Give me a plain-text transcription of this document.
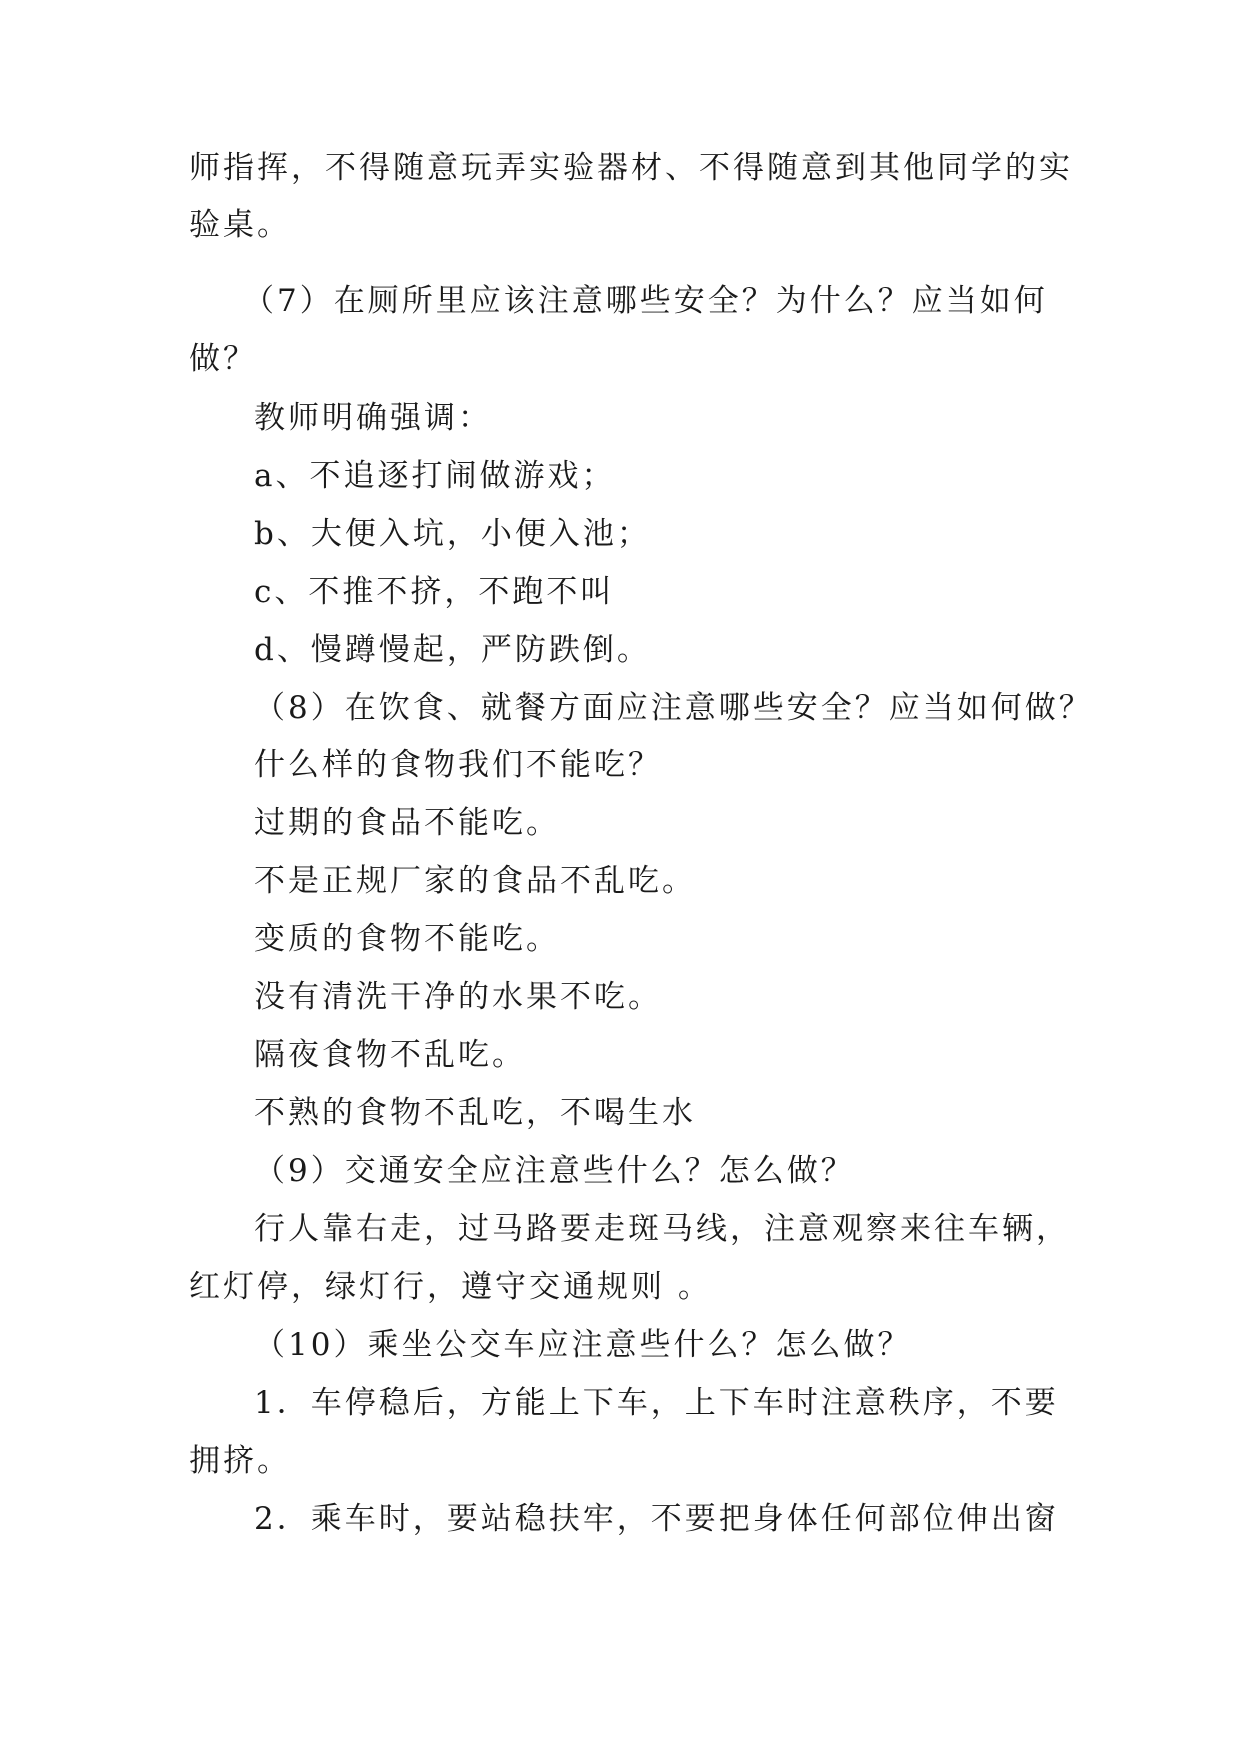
师指挥，不得随意玩弄实验器材、不得随意到其他同学的实
验桌。
（7）在厕所里应该注意哪些安全？为什么？应当如何
做？
教师明确强调：
a、不追逐打闹做游戏；
b、大便入坑，小便入池；
c、不推不挤，不跑不叫
d、慢蹲慢起，严防跌倒。
（8）在饮食、就餐方面应注意哪些安全？应当如何做？
什么样的食物我们不能吃？
过期的食品不能吃。
不是正规厂家的食品不乱吃。
变质的食物不能吃。
没有清洗干净的水果不吃。
隔夜食物不乱吃。
不熟的食物不乱吃，不喝生水
（9）交通安全应注意些什么？怎么做？
行人靠右走，过马路要走斑马线，注意观察来往车辆，
红灯停，绿灯行，遵守交通规则 。
（10）乘坐公交车应注意些什么？怎么做？
1．车停稳后，方能上下车，上下车时注意秩序，不要
拥挤。
2．乘车时，要站稳扶牢，不要把身体任何部位伸出窗
